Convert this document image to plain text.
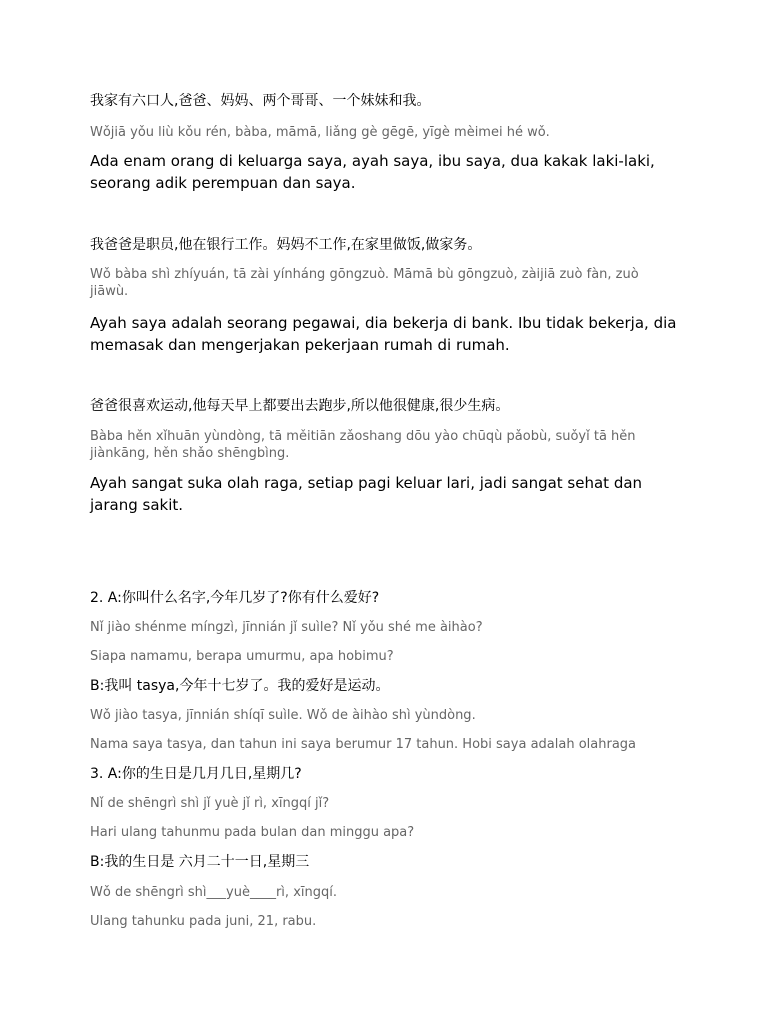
我家有六口人,爸爸、妈妈、两个哥哥、一个妹妹和我。
Wǒjiā yǒu liù kǒu rén, bàba, māmā, liǎng gè gēgē, yīgè mèimei hé wǒ.
Ada enam orang di keluarga saya, ayah saya, ibu saya, dua kakak laki-laki, seorang adik perempuan dan saya.
我爸爸是职员,他在银行工作。妈妈不工作,在家里做饭,做家务。
Wǒ bàba shì zhíyuán, tā zài yínháng gōngzuò. Māmā bù gōngzuò, zàijiā zuò fàn, zuò jiāwù.
Ayah saya adalah seorang pegawai, dia bekerja di bank. Ibu tidak bekerja, dia memasak dan mengerjakan pekerjaan rumah di rumah.
爸爸很喜欢运动,他每天早上都要出去跑步,所以他很健康,很少生病。
Bàba hěn xǐhuān yùndòng, tā měitiān zǎoshang dōu yào chūqù pǎobù, suǒyǐ tā hěn jiànkāng, hěn shǎo shēngbìng.
Ayah sangat suka olah raga, setiap pagi keluar lari, jadi sangat sehat dan jarang sakit.
2. A:你叫什么名字,今年几岁了?你有什么爱好?
Nǐ jiào shénme míngzì, jīnnián jǐ suìle? Nǐ yǒu shé me àihào?
Siapa namamu, berapa umurmu, apa hobimu?
B:我叫 tasya,今年十七岁了。我的爱好是运动。
Wǒ jiào tasya, jīnnián shíqī suìle. Wǒ de àihào shì yùndòng.
Nama saya tasya, dan tahun ini saya berumur 17 tahun. Hobi saya adalah olahraga
3. A:你的生日是几月几日,星期几?
Nǐ de shēngrì shì jǐ yuè jǐ rì, xīngqí jǐ?
Hari ulang tahunmu pada bulan dan minggu apa?
B:我的生日是 六月二十一日,星期三
Wǒ de shēngrì shì___yuè____rì, xīngqí.
Ulang tahunku pada juni, 21, rabu.
